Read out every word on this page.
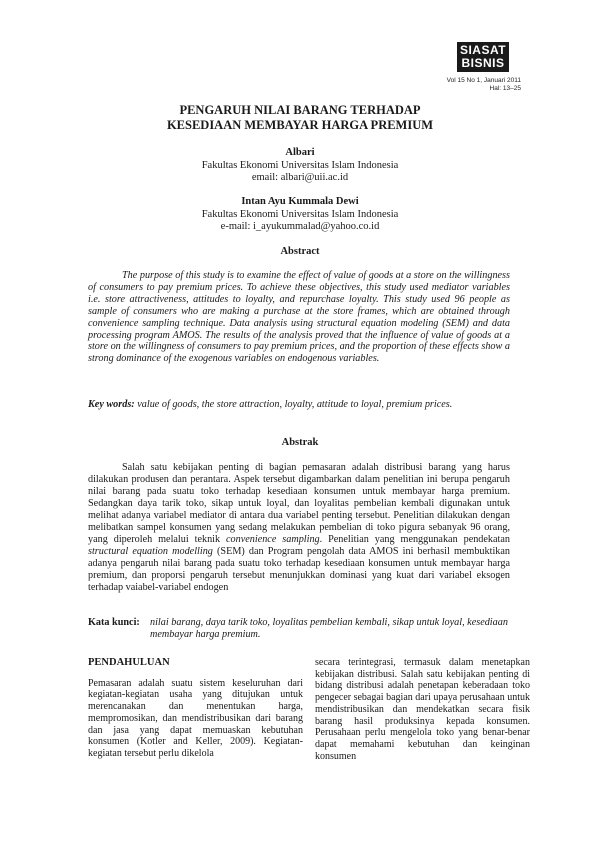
SIASAT
BISNIS
Vol 15 No 1, Januari 2011
Hal: 13–25
PENGARUH NILAI BARANG TERHADAP
KESEDIAAN MEMBAYAR HARGA PREMIUM
Albari
Fakultas Ekonomi Universitas Islam Indonesia
email: albari@uii.ac.id
Intan Ayu Kummala Dewi
Fakultas Ekonomi Universitas Islam Indonesia
e-mail: i_ayukummalad@yahoo.co.id
Abstract
The purpose of this study is to examine the effect of value of goods at a store on the willingness of consumers to pay premium prices. To achieve these objectives, this study used mediator variables i.e. store attractiveness, attitudes to loyalty, and repurchase loyalty. This study used 96 people as sample of consumers who are making a purchase at the store frames, which are obtained through convenience sampling technique. Data analysis using structural equation modeling (SEM) and data processing program AMOS. The results of the analysis proved that the influence of value of goods at a store on the willingness of consumers to pay premium prices, and the proportion of these effects show a strong dominance of the exogenous variables on endogenous variables.
Key words: value of goods, the store attraction, loyalty, attitude to loyal, premium prices.
Abstrak
Salah satu kebijakan penting di bagian pemasaran adalah distribusi barang yang harus dilakukan produsen dan perantara. Aspek tersebut digambarkan dalam penelitian ini berupa pengaruh nilai barang pada suatu toko terhadap kesediaan konsumen untuk membayar harga premium. Sedangkan daya tarik toko, sikap untuk loyal, dan loyalitas pembelian kembali digunakan untuk melihat adanya variabel mediator di antara dua variabel penting tersebut. Penelitian dilakukan dengan melibatkan sampel konsumen yang sedang melakukan pembelian di toko pigura sebanyak 96 orang, yang diperoleh melalui teknik convenience sampling. Penelitian yang menggunakan pendekatan structural equation modelling (SEM) dan Program pengolah data AMOS ini berhasil membuktikan adanya pengaruh nilai barang pada suatu toko terhadap kesediaan konsumen untuk membayar harga premium, dan proporsi pengaruh tersebut menunjukkan dominasi yang kuat dari variabel eksogen terhadap vaiabel-variabel endogen
Kata kunci: nilai barang, daya tarik toko, loyalitas pembelian kembali, sikap untuk loyal, kesediaan membayar harga premium.
PENDAHULUAN

Pemasaran adalah suatu sistem keseluruhan dari kegiatan-kegiatan usaha yang ditujukan untuk merencanakan dan menentukan harga, mempromosikan, dan mendistribusikan dari barang dan jasa yang dapat memuaskan kebutuhan konsumen (Kotler and Keller, 2009). Kegiatan-kegiatan tersebut perlu dikelola

secara terintegrasi, termasuk dalam menetapkan kebijakan distribusi. Salah satu kebijakan penting di bidang distribusi adalah penetapan keberadaan toko pengecer sebagai bagian dari upaya perusahaan untuk mendistribusikan dan mendekatkan secara fisik barang hasil produksinya kepada konsumen. Perusahaan perlu mengelola toko yang benar-benar dapat memahami kebutuhan dan keinginan konsumen
